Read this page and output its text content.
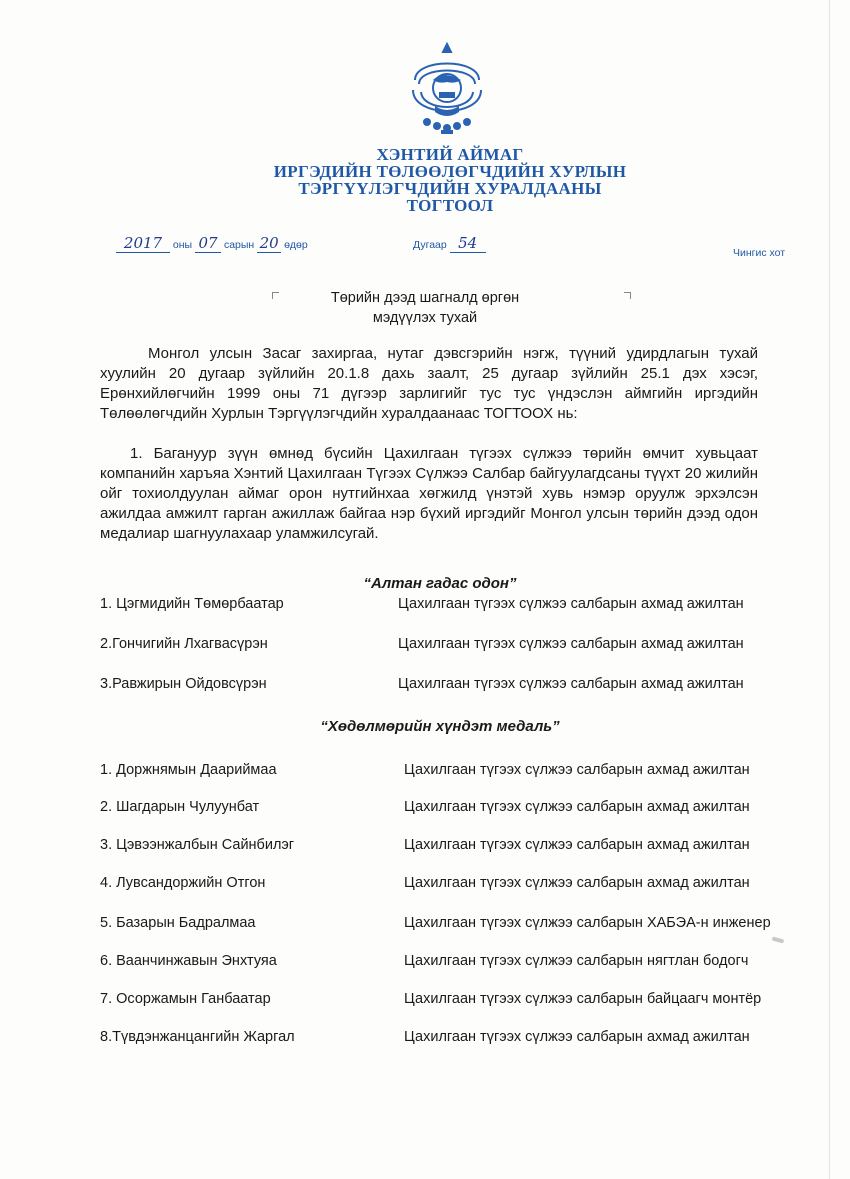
ХЭНТИЙ АЙМАГ
ИРГЭДИЙН ТӨЛӨӨЛӨГЧДИЙН ХУРЛЫН
ТЭРГҮҮЛЭГЧДИЙН ХУРАЛДААНЫ
ТОГТООЛ
2017 оны 07 сарын 20 өдөр	Дугаар 54
Чингис хот
Төрийн дээд шагналд өргөн
мэдүүлэх тухай

Монгол улсын Засаг захиргаа, нутаг дэвсгэрийн нэгж, түүний удирдлагын тухай хуулийн 20 дугаар зүйлийн 20.1.8 дахь заалт, 25 дугаар зүйлийн 25.1 дэх хэсэг, Ерөнхийлөгчийн 1999 оны 71 дүгээр зарлигийг тус тус үндэслэн аймгийн иргэдийн Төлөөлөгчдийн Хурлын Тэргүүлэгчдийн хуралдаанаас ТОГТООХ нь:

1. Багануур зүүн өмнөд бүсийн Цахилгаан түгээх сүлжээ төрийн өмчит хувьцаат компанийн харъяа Хэнтий Цахилгаан Түгээх Сүлжээ Салбар байгуулагдсаны түүхт 20 жилийн ойг тохиолдуулан аймаг орон нутгийнхаа хөгжилд үнэтэй хувь нэмэр оруулж эрхэлсэн ажилдаа амжилт гарган ажиллаж байгаа нэр бүхий иргэдийг Монгол улсын төрийн дээд одон медалиар шагнуулахаар уламжилсугай.

“Алтан гадас одон”
1. Цэгмидийн Төмөрбаатар	Цахилгаан түгээх сүлжээ салбарын ахмад ажилтан
2.Гончигийн Лхагвасүрэн	Цахилгаан түгээх сүлжээ салбарын ахмад ажилтан
3.Равжирын Ойдовсүрэн	Цахилгаан түгээх сүлжээ салбарын ахмад ажилтан
“Хөдөлмөрийн хүндэт медаль”
1. Доржнямын Даариймаа	Цахилгаан түгээх сүлжээ салбарын ахмад ажилтан
2. Шагдарын Чулуунбат	Цахилгаан түгээх сүлжээ салбарын ахмад ажилтан
3. Цэвээнжалбын Сайнбилэг	Цахилгаан түгээх сүлжээ салбарын ахмад ажилтан
4. Лувсандоржийн Отгон	Цахилгаан түгээх сүлжээ салбарын ахмад ажилтан
5. Базарын Бадралмаа	Цахилгаан түгээх сүлжээ салбарын ХАБЭА-н инженер
6. Ваанчинжавын Энхтуяа	Цахилгаан түгээх сүлжээ салбарын нягтлан бодогч
7. Осоржамын Ганбаатар	Цахилгаан түгээх сүлжээ салбарын байцаагч монтёр
8.Түвдэнжанцангийн Жаргал	Цахилгаан түгээх сүлжээ салбарын ахмад ажилтан
